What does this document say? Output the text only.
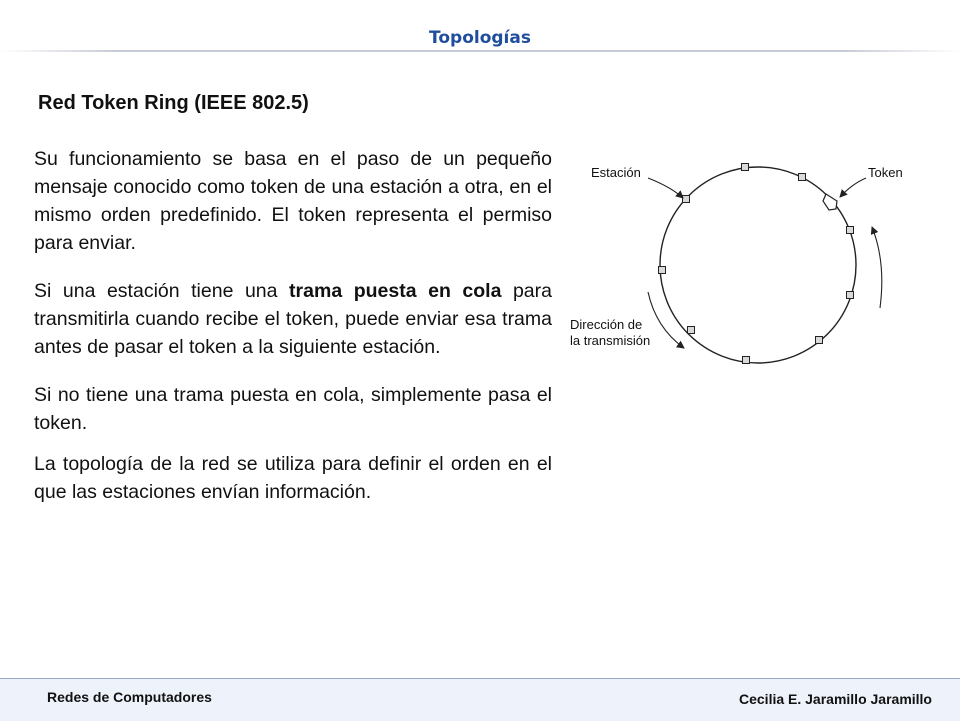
Topologías
Red Token Ring (IEEE 802.5)

Su funcionamiento se basa en el paso de un pequeño mensaje conocido como token de una estación a otra, en el mismo orden predefinido. El token representa el permiso para enviar.

Si una estación tiene una trama puesta en cola para transmitirla cuando recibe el token, puede enviar esa trama antes de pasar el token a la siguiente estación.

Si no tiene una trama puesta en cola, simplemente pasa el token.

La topología de la red se utiliza para definir el orden en el que las estaciones envían información.

Estación	Token
Dirección de
la transmisión
Redes de Computadores	Cecilia E. Jaramillo Jaramillo
